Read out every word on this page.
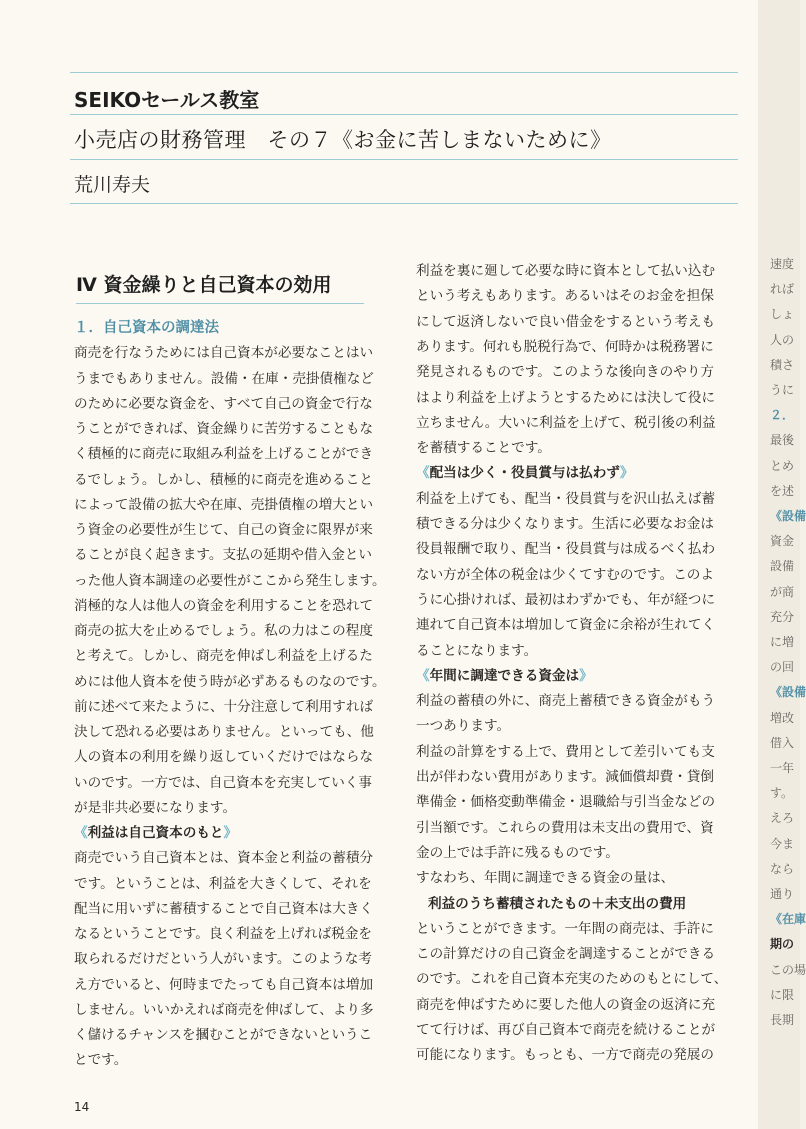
SEIKOセールス教室
小売店の財務管理　その７《お金に苦しまないために》
荒川寿夫
Ⅳ 資金繰りと自己資本の効用
１．自己資本の調達法
商売を行なうためには自己資本が必要なことはい
うまでもありません。設備・在庫・売掛債権など
のために必要な資金を、すべて自己の資金で行な
うことができれば、資金繰りに苦労することもな
く積極的に商売に取組み利益を上げることができ
るでしょう。しかし、積極的に商売を進めること
によって設備の拡大や在庫、売掛債権の増大とい
う資金の必要性が生じて、自己の資金に限界が来
ることが良く起きます。支払の延期や借入金とい
った他人資本調達の必要性がここから発生します。
消極的な人は他人の資金を利用することを恐れて
商売の拡大を止めるでしょう。私の力はこの程度
と考えて。しかし、商売を伸ばし利益を上げるた
めには他人資本を使う時が必ずあるものなのです。
前に述べて来たように、十分注意して利用すれば
決して恐れる必要はありません。といっても、他
人の資本の利用を繰り返していくだけではならな
いのです。一方では、自己資本を充実していく事
が是非共必要になります。
《利益は自己資本のもと》
商売でいう自己資本とは、資本金と利益の蓄積分
です。ということは、利益を大きくして、それを
配当に用いずに蓄積することで自己資本は大きく
なるということです。良く利益を上げれば税金を
取られるだけだという人がいます。このような考
え方でいると、何時までたっても自己資本は増加
しません。いいかえれば商売を伸ばして、より多
く儲けるチャンスを摑むことができないというこ
とです。
利益を裏に廻して必要な時に資本として払い込む
という考えもあります。あるいはそのお金を担保
にして返済しないで良い借金をするという考えも
あります。何れも脱税行為で、何時かは税務署に
発見されるものです。このような後向きのやり方
はより利益を上げようとするためには決して役に
立ちません。大いに利益を上げて、税引後の利益
を蓄積することです。
《配当は少く・役員賞与は払わず》
利益を上げても、配当・役員賞与を沢山払えば蓄
積できる分は少くなります。生活に必要なお金は
役員報酬で取り、配当・役員賞与は成るべく払わ
ない方が全体の税金は少くてすむのです。このよ
うに心掛ければ、最初はわずかでも、年が経つに
連れて自己資本は増加して資金に余裕が生れてく
ることになります。
《年間に調達できる資金は》
利益の蓄積の外に、商売上蓄積できる資金がもう
一つあります。
利益の計算をする上で、費用として差引いても支
出が伴わない費用があります。減価償却費・貸倒
準備金・価格変動準備金・退職給与引当金などの
引当額です。これらの費用は未支出の費用で、資
金の上では手許に残るものです。
すなわち、年間に調達できる資金の量は、
利益のうち蓄積されたもの＋未支出の費用
ということができます。一年間の商売は、手許に
この計算だけの自己資金を調達することができる
のです。これを自己資本充実のためのもとにして、
商売を伸ばすために要した他人の資金の返済に充
てて行けば、再び自己資本で商売を続けることが
可能になります。もっとも、一方で商売の発展の
14
速度
れば
しょ
人の
積さ
うに
２．
最後
とめ
を述
《設備
資金
設備
が商
充分
に増
の回
《設備
増改
借入
一年
す。
えろ
今ま
なら
通り
《在庫
期の
この場
に限
長期
